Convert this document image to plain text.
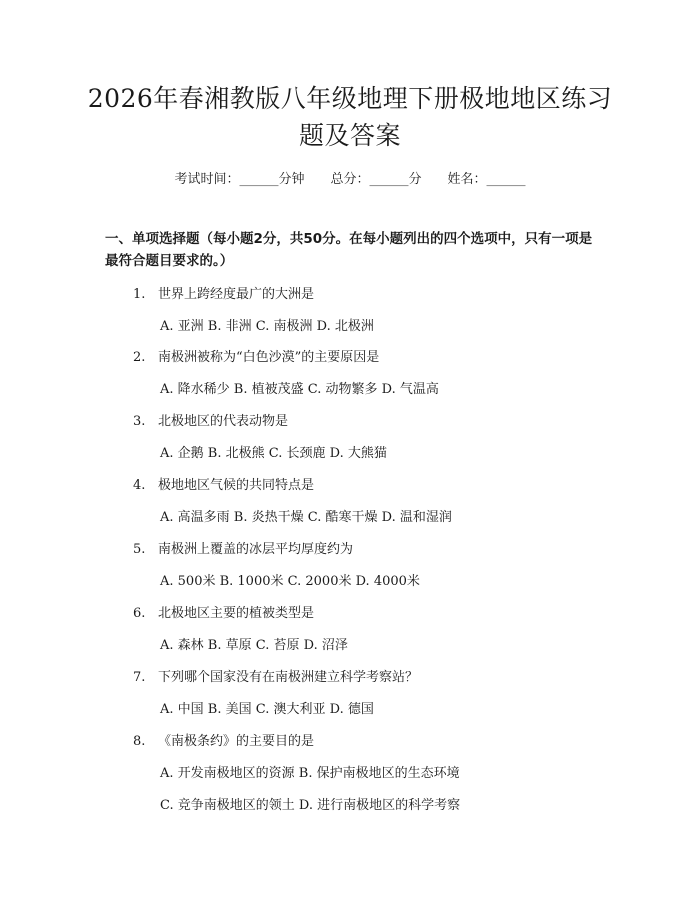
2026年春湘教版八年级地理下册极地地区练习题及答案
考试时间：______分钟 总分：______分 姓名：______
一、单项选择题（每小题2分，共50分。在每小题列出的四个选项中，只有一项是最符合题目要求的。）
1. 世界上跨经度最广的大洲是
A. 亚洲 B. 非洲 C. 南极洲 D. 北极洲
2. 南极洲被称为“白色沙漠”的主要原因是
A. 降水稀少 B. 植被茂盛 C. 动物繁多 D. 气温高
3. 北极地区的代表动物是
A. 企鹅 B. 北极熊 C. 长颈鹿 D. 大熊猫
4. 极地地区气候的共同特点是
A. 高温多雨 B. 炎热干燥 C. 酷寒干燥 D. 温和湿润
5. 南极洲上覆盖的冰层平均厚度约为
A. 500米 B. 1000米 C. 2000米 D. 4000米
6. 北极地区主要的植被类型是
A. 森林 B. 草原 C. 苔原 D. 沼泽
7. 下列哪个国家没有在南极洲建立科学考察站？
A. 中国 B. 美国 C. 澳大利亚 D. 德国
8. 《南极条约》的主要目的是
A. 开发南极地区的资源 B. 保护南极地区的生态环境
C. 竞争南极地区的领土 D. 进行南极地区的科学考察
